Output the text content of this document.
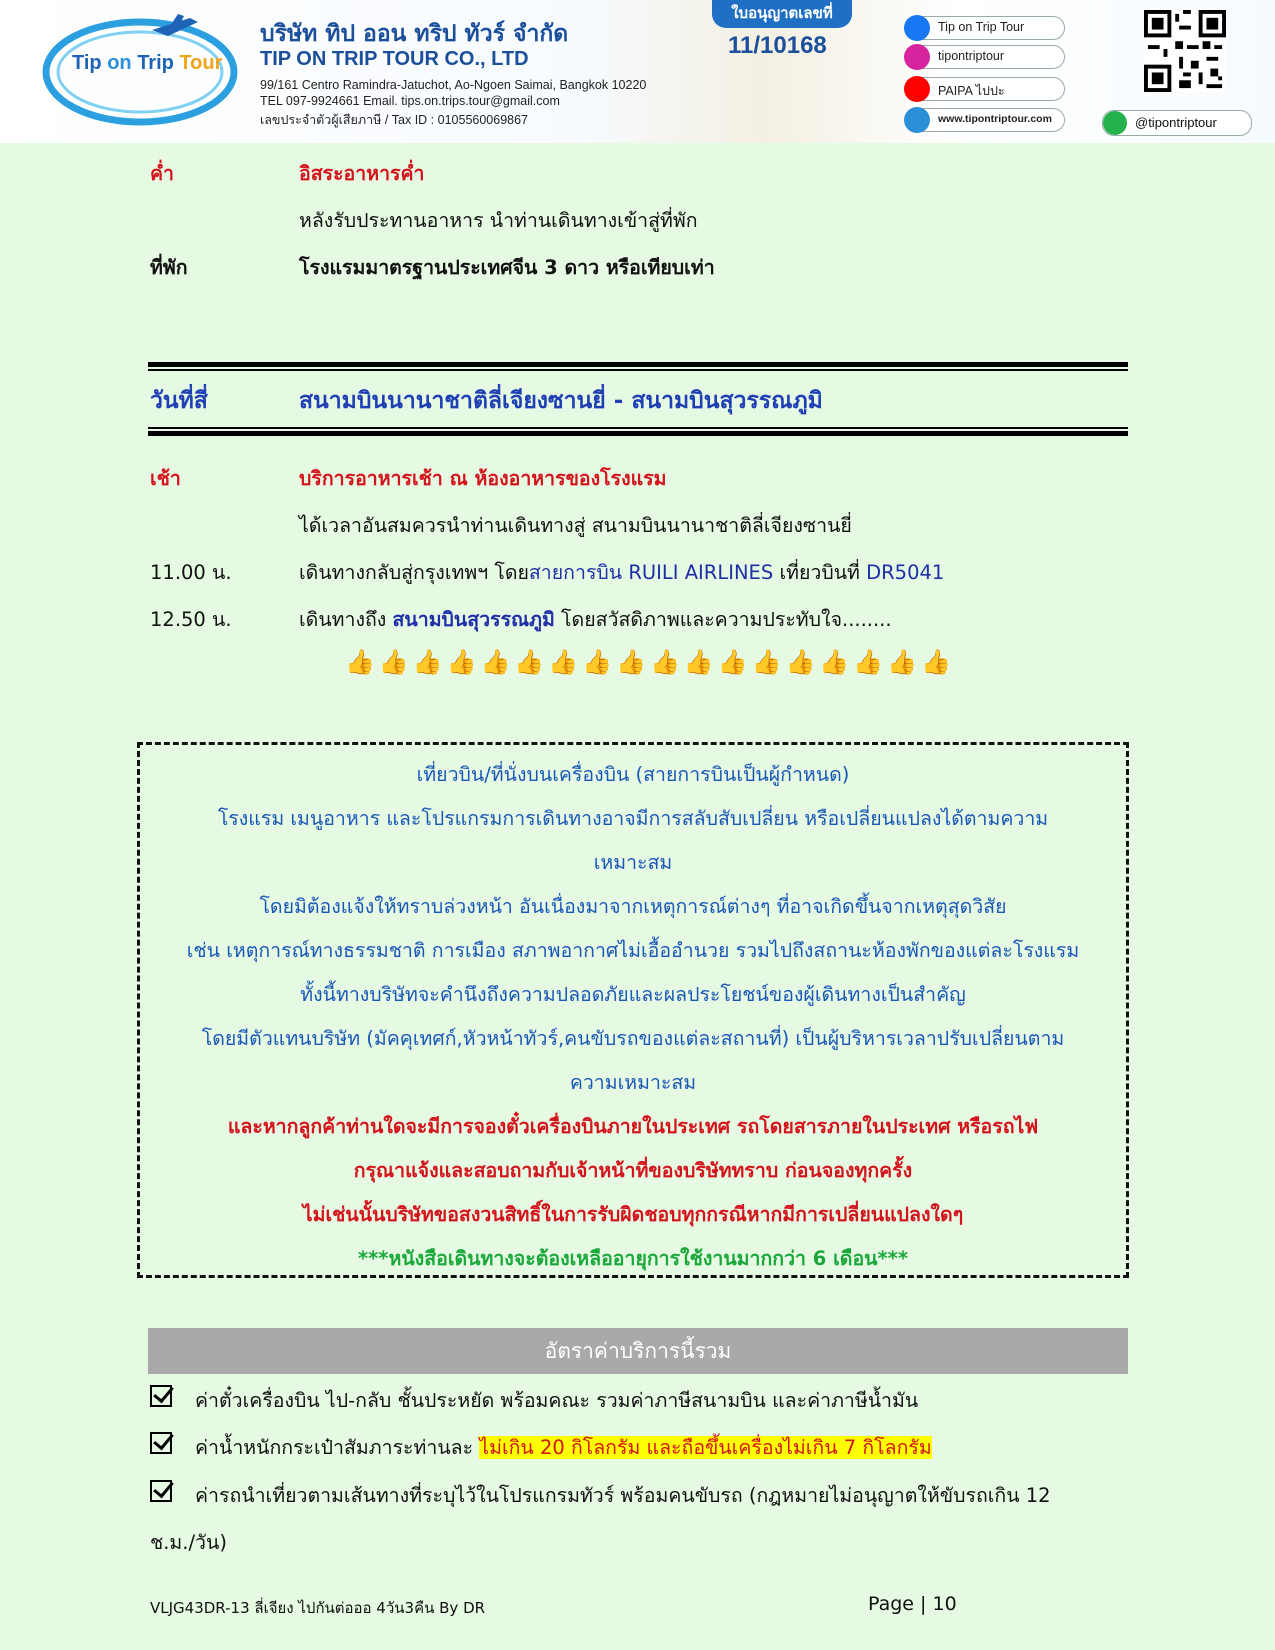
Tip on Trip Tour
บริษัท ทิป ออน ทริป ทัวร์ จำกัด
TIP ON TRIP TOUR CO., LTD
99/161 Centro Ramindra-Jatuchot, Ao-Ngoen Saimai, Bangkok 10220
TEL 097-9924661 Email. tips.on.trips.tour@gmail.com
เลขประจำตัวผู้เสียภาษี / Tax ID : 0105560069867
ใบอนุญาตเลขที่
11/10168
Tip on Trip Tour
tipontriptour
PAIPA ไปปะ
www.tipontriptour.com	@tipontriptour
ค่ำ	อิสระอาหารค่ำ
หลังรับประทานอาหาร นำท่านเดินทางเข้าสู่ที่พัก
ที่พัก	โรงแรมมาตรฐานประเทศจีน 3 ดาว หรือเทียบเท่า
วันที่สี่	สนามบินนานาชาติลี่เจียงซานยี่ - สนามบินสุวรรณภูมิ
เช้า	บริการอาหารเช้า ณ ห้องอาหารของโรงแรม
ได้เวลาอันสมควรนำท่านเดินทางสู่ สนามบินนานาชาติลี่เจียงซานยี่
11.00 น.	เดินทางกลับสู่กรุงเทพฯ โดยสายการบิน RUILI AIRLINES เที่ยวบินที่ DR5041
12.50 น.	เดินทางถึง สนามบินสุวรรณภูมิ โดยสวัสดิภาพและความประทับใจ........
👍👍👍👍👍👍👍👍👍👍👍👍👍👍👍👍👍👍
เที่ยวบิน/ที่นั่งบนเครื่องบิน (สายการบินเป็นผู้กำหนด)
โรงแรม เมนูอาหาร และโปรแกรมการเดินทางอาจมีการสลับสับเปลี่ยน หรือเปลี่ยนแปลงได้ตามความ
เหมาะสม
โดยมิต้องแจ้งให้ทราบล่วงหน้า อันเนื่องมาจากเหตุการณ์ต่างๆ ที่อาจเกิดขึ้นจากเหตุสุดวิสัย
เช่น เหตุการณ์ทางธรรมชาติ การเมือง สภาพอากาศไม่เอื้ออำนวย รวมไปถึงสถานะห้องพักของแต่ละโรงแรม
ทั้งนี้ทางบริษัทจะคำนึงถึงความปลอดภัยและผลประโยชน์ของผู้เดินทางเป็นสำคัญ
โดยมีตัวแทนบริษัท (มัคคุเทศก์,หัวหน้าทัวร์,คนขับรถของแต่ละสถานที่) เป็นผู้บริหารเวลาปรับเปลี่ยนตาม
ความเหมาะสม
และหากลูกค้าท่านใดจะมีการจองตั๋วเครื่องบินภายในประเทศ รถโดยสารภายในประเทศ หรือรถไฟ
กรุณาแจ้งและสอบถามกับเจ้าหน้าที่ของบริษัททราบ ก่อนจองทุกครั้ง
ไม่เช่นนั้นบริษัทขอสงวนสิทธิ์ในการรับผิดชอบทุกกรณีหากมีการเปลี่ยนแปลงใดๆ
***หนังสือเดินทางจะต้องเหลืออายุการใช้งานมากกว่า 6 เดือน***
อัตราค่าบริการนี้รวม
ค่าตั๋วเครื่องบิน ไป-กลับ ชั้นประหยัด พร้อมคณะ รวมค่าภาษีสนามบิน และค่าภาษีน้ำมัน
ค่าน้ำหนักกระเป๋าสัมภาระท่านละ ไม่เกิน 20 กิโลกรัม และถือขึ้นเครื่องไม่เกิน 7 กิโลกรัม
ค่ารถนำเที่ยวตามเส้นทางที่ระบุไว้ในโปรแกรมทัวร์ พร้อมคนขับรถ (กฎหมายไม่อนุญาตให้ขับรถเกิน 12
ช.ม./วัน)
VLJG43DR-13 ลี่เจียง ไปกันต่อออ 4วัน3คืน By DR	Page | 10
